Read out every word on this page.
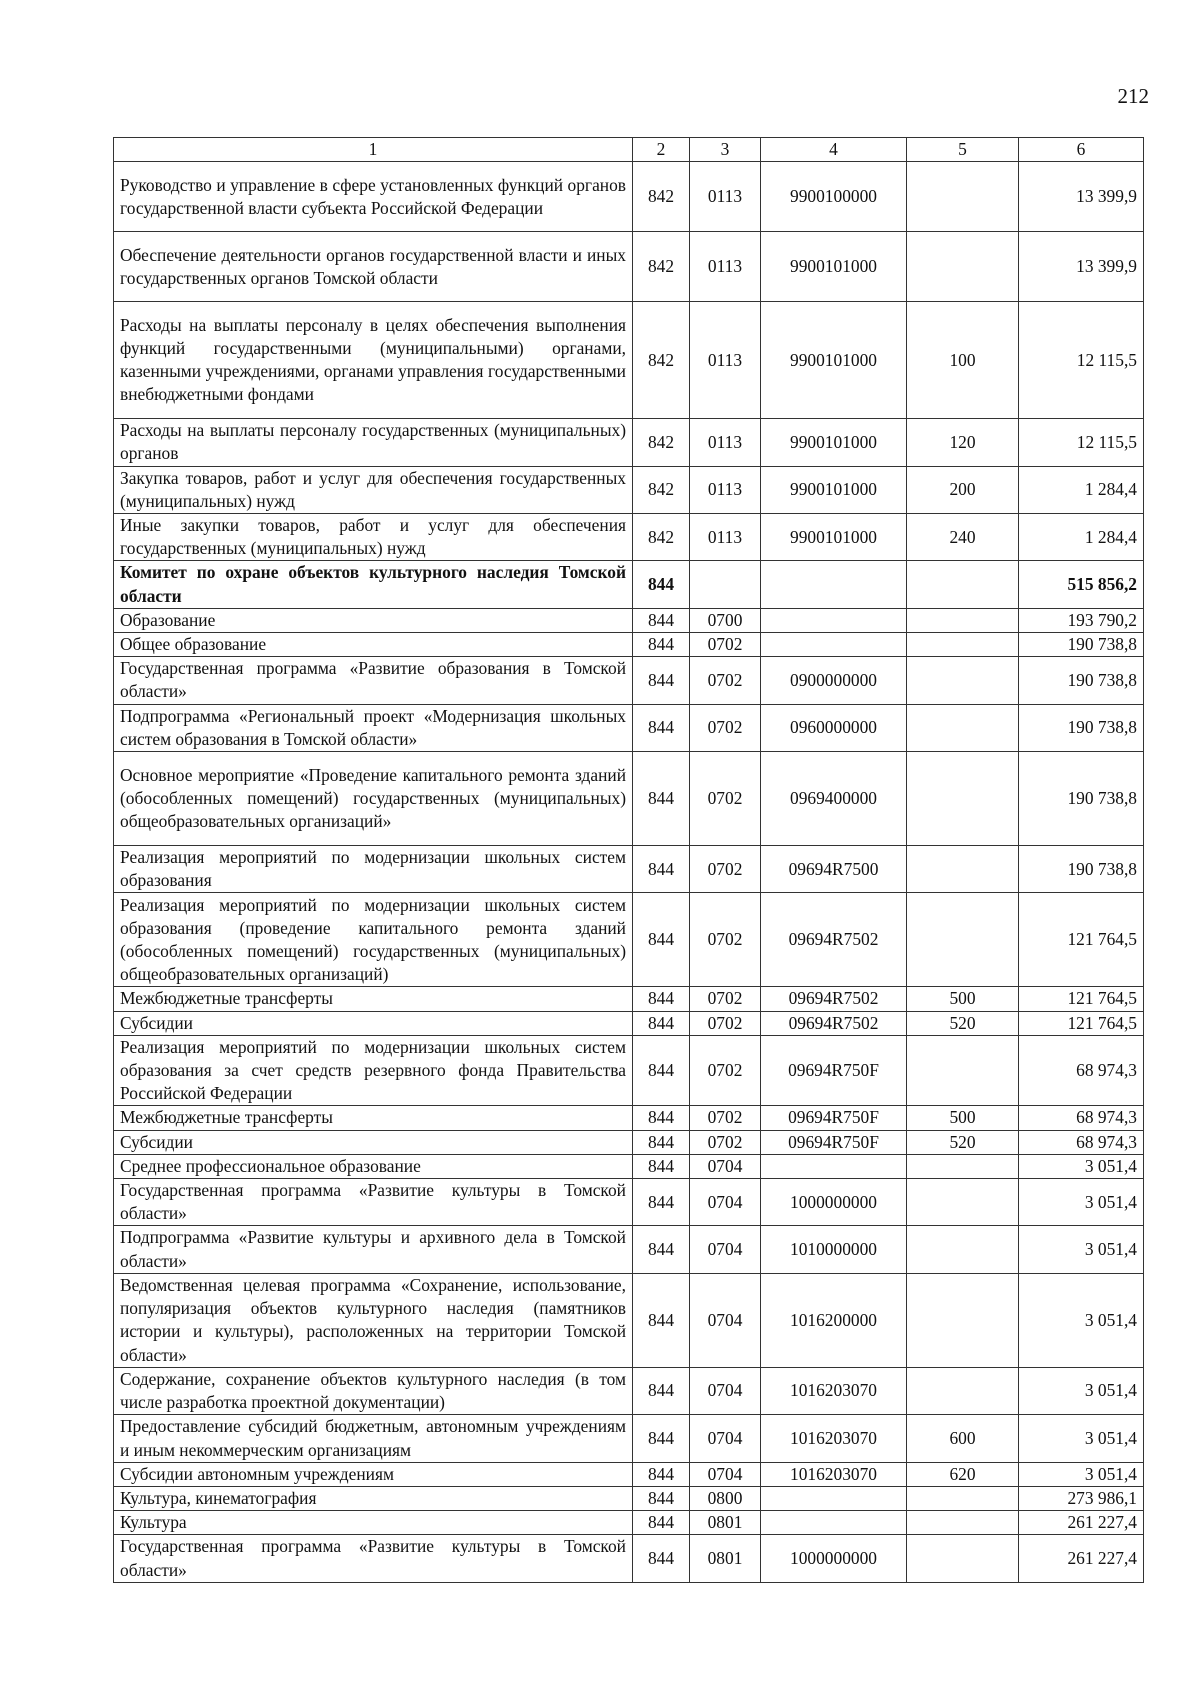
212
1	2	3	4	5	6
Руководство и управление в сфере установленных функций органов государственной власти субъекта Российской Федерации	842	0113	9900100000		13 399,9
Обеспечение деятельности органов государственной власти и иных государственных органов Томской области	842	0113	9900101000		13 399,9
Расходы на выплаты персоналу в целях обеспечения выполнения функций государственными (муниципальными) органами, казенными учреждениями, органами управления государственными внебюджетными фондами	842	0113	9900101000	100	12 115,5
Расходы на выплаты персоналу государственных (муниципальных) органов	842	0113	9900101000	120	12 115,5
Закупка товаров, работ и услуг для обеспечения государственных (муниципальных) нужд	842	0113	9900101000	200	1 284,4
Иные закупки товаров, работ и услуг для обеспечения государственных (муниципальных) нужд	842	0113	9900101000	240	1 284,4
Комитет по охране объектов культурного наследия Томской области	844				515 856,2
Образование	844	0700			193 790,2
Общее образование	844	0702			190 738,8
Государственная программа «Развитие образования в Томской области»	844	0702	0900000000		190 738,8
Подпрограмма «Региональный проект «Модернизация школьных систем образования в Томской области»	844	0702	0960000000		190 738,8
Основное мероприятие «Проведение капитального ремонта зданий (обособленных помещений) государственных (муниципальных) общеобразовательных организаций»	844	0702	0969400000		190 738,8
Реализация мероприятий по модернизации школьных систем образования	844	0702	09694R7500		190 738,8
Реализация мероприятий по модернизации школьных систем образования (проведение капитального ремонта зданий (обособленных помещений) государственных (муниципальных) общеобразовательных организаций)	844	0702	09694R7502		121 764,5
Межбюджетные трансферты	844	0702	09694R7502	500	121 764,5
Субсидии	844	0702	09694R7502	520	121 764,5
Реализация мероприятий по модернизации школьных систем образования за счет средств резервного фонда Правительства Российской Федерации	844	0702	09694R750F		68 974,3
Межбюджетные трансферты	844	0702	09694R750F	500	68 974,3
Субсидии	844	0702	09694R750F	520	68 974,3
Среднее профессиональное образование	844	0704			3 051,4
Государственная программа «Развитие культуры в Томской области»	844	0704	1000000000		3 051,4
Подпрограмма «Развитие культуры и архивного дела в Томской области»	844	0704	1010000000		3 051,4
Ведомственная целевая программа «Сохранение, использование, популяризация объектов культурного наследия (памятников истории и культуры), расположенных на территории Томской области»	844	0704	1016200000		3 051,4
Содержание, сохранение объектов культурного наследия (в том числе разработка проектной документации)	844	0704	1016203070		3 051,4
Предоставление субсидий бюджетным, автономным учреждениям и иным некоммерческим организациям	844	0704	1016203070	600	3 051,4
Субсидии автономным учреждениям	844	0704	1016203070	620	3 051,4
Культура, кинематография	844	0800			273 986,1
Культура	844	0801			261 227,4
Государственная программа «Развитие культуры в Томской области»	844	0801	1000000000		261 227,4
